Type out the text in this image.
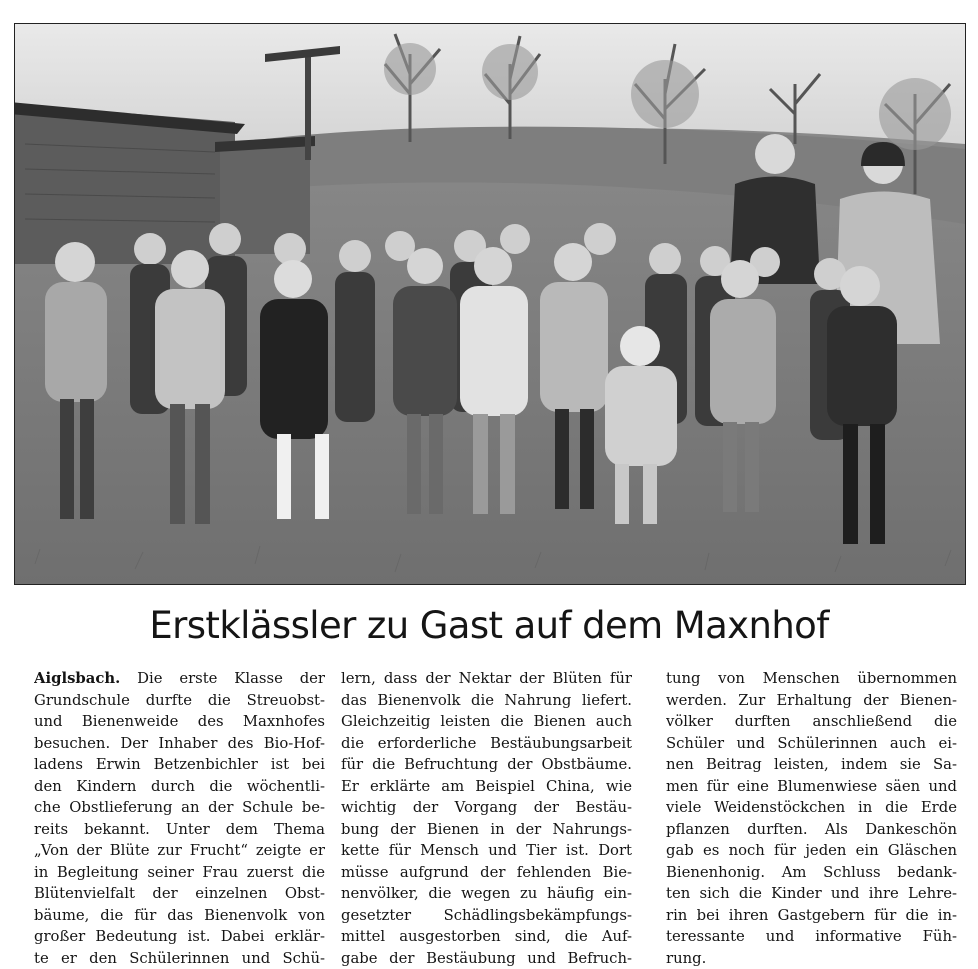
Erstklässler zu Gast auf dem Maxnhof
Aiglsbach. Die erste Klasse der
Grundschule durfte die Streuobst-
und Bienenweide des Maxnhofes
besuchen. Der Inhaber des Bio-Hof-
ladens Erwin Betzenbichler ist bei
den Kindern durch die wöchentli-
che Obstlieferung an der Schule be-
reits bekannt. Unter dem Thema
„Von der Blüte zur Frucht“ zeigte er
in Begleitung seiner Frau zuerst die
Blütenvielfalt der einzelnen Obst-
bäume, die für das Bienenvolk von
großer Bedeutung ist. Dabei erklär-
te er den Schülerinnen und Schü-
lern, dass der Nektar der Blüten für
das Bienenvolk die Nahrung liefert.
Gleichzeitig leisten die Bienen auch
die erforderliche Bestäubungsarbeit
für die Befruchtung der Obstbäume.
Er erklärte am Beispiel China, wie
wichtig der Vorgang der Bestäu-
bung der Bienen in der Nahrungs-
kette für Mensch und Tier ist. Dort
müsse aufgrund der fehlenden Bie-
nenvölker, die wegen zu häufig ein-
gesetzter Schädlingsbekämpfungs-
mittel ausgestorben sind, die Auf-
gabe der Bestäubung und Befruch-
tung von Menschen übernommen
werden. Zur Erhaltung der Bienen-
völker durften anschließend die
Schüler und Schülerinnen auch ei-
nen Beitrag leisten, indem sie Sa-
men für eine Blumenwiese säen und
viele Weidenstöckchen in die Erde
pflanzen durften. Als Dankeschön
gab es noch für jeden ein Gläschen
Bienenhonig. Am Schluss bedank-
ten sich die Kinder und ihre Lehre-
rin bei ihren Gastgebern für die in-
teressante und informative Füh-
rung.
